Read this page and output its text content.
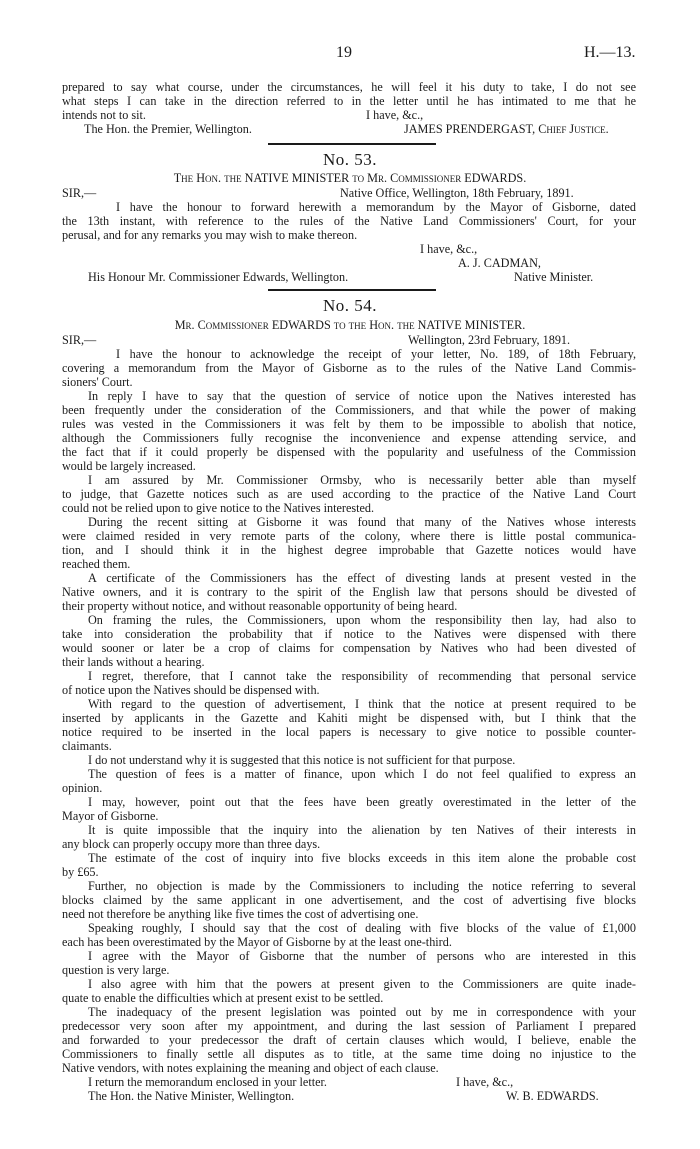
19	H.—13.
prepared to say what course, under the circumstances, he will feel it his duty to take, I do not see
what steps I can take in the direction referred to in the letter until he has intimated to me that he
intends not to sit.	I have, &c.,
The Hon. the Premier, Wellington.	JAMES PRENDERGAST, Chief Justice.
No. 53.
The Hon. the NATIVE MINISTER to Mr. Commissioner EDWARDS.
SIR,—	Native Office, Wellington, 18th February, 1891.
I have the honour to forward herewith a memorandum by the Mayor of Gisborne, dated
the 13th instant, with reference to the rules of the Native Land Commissioners' Court, for your
perusal, and for any remarks you may wish to make thereon.
I have, &c.,
A. J. CADMAN,
His Honour Mr. Commissioner Edwards, Wellington.	Native Minister.
No. 54.
Mr. Commissioner EDWARDS to the Hon. the NATIVE MINISTER.
SIR,—	Wellington, 23rd February, 1891.
I have the honour to acknowledge the receipt of your letter, No. 189, of 18th February,
covering a memorandum from the Mayor of Gisborne as to the rules of the Native Land Commis-
sioners' Court.
In reply I have to say that the question of service of notice upon the Natives interested has
been frequently under the consideration of the Commissioners, and that while the power of making
rules was vested in the Commissioners it was felt by them to be impossible to abolish that notice,
although the Commissioners fully recognise the inconvenience and expense attending service, and
the fact that if it could properly be dispensed with the popularity and usefulness of the Commission
would be largely increased.
I am assured by Mr. Commissioner Ormsby, who is necessarily better able than myself
to judge, that Gazette notices such as are used according to the practice of the Native Land Court
could not be relied upon to give notice to the Natives interested.
During the recent sitting at Gisborne it was found that many of the Natives whose interests
were claimed resided in very remote parts of the colony, where there is little postal communica-
tion, and I should think it in the highest degree improbable that Gazette notices would have
reached them.
A certificate of the Commissioners has the effect of divesting lands at present vested in the
Native owners, and it is contrary to the spirit of the English law that persons should be divested of
their property without notice, and without reasonable opportunity of being heard.
On framing the rules, the Commissioners, upon whom the responsibility then lay, had also to
take into consideration the probability that if notice to the Natives were dispensed with there
would sooner or later be a crop of claims for compensation by Natives who had been divested of
their lands without a hearing.
I regret, therefore, that I cannot take the responsibility of recommending that personal service
of notice upon the Natives should be dispensed with.
With regard to the question of advertisement, I think that the notice at present required to be
inserted by applicants in the Gazette and Kahiti might be dispensed with, but I think that the
notice required to be inserted in the local papers is necessary to give notice to possible counter-
claimants.
I do not understand why it is suggested that this notice is not sufficient for that purpose.
The question of fees is a matter of finance, upon which I do not feel qualified to express an
opinion.
I may, however, point out that the fees have been greatly overestimated in the letter of the
Mayor of Gisborne.
It is quite impossible that the inquiry into the alienation by ten Natives of their interests in
any block can properly occupy more than three days.
The estimate of the cost of inquiry into five blocks exceeds in this item alone the probable cost
by £65.
Further, no objection is made by the Commissioners to including the notice referring to several
blocks claimed by the same applicant in one advertisement, and the cost of advertising five blocks
need not therefore be anything like five times the cost of advertising one.
Speaking roughly, I should say that the cost of dealing with five blocks of the value of £1,000
each has been overestimated by the Mayor of Gisborne by at the least one-third.
I agree with the Mayor of Gisborne that the number of persons who are interested in this
question is very large.
I also agree with him that the powers at present given to the Commissioners are quite inade-
quate to enable the difficulties which at present exist to be settled.
The inadequacy of the present legislation was pointed out by me in correspondence with your
predecessor very soon after my appointment, and during the last session of Parliament I prepared
and forwarded to your predecessor the draft of certain clauses which would, I believe, enable the
Commissioners to finally settle all disputes as to title, at the same time doing no injustice to the
Native vendors, with notes explaining the meaning and object of each clause.
I return the memorandum enclosed in your letter.	I have, &c.,
The Hon. the Native Minister, Wellington.	W. B. EDWARDS.
